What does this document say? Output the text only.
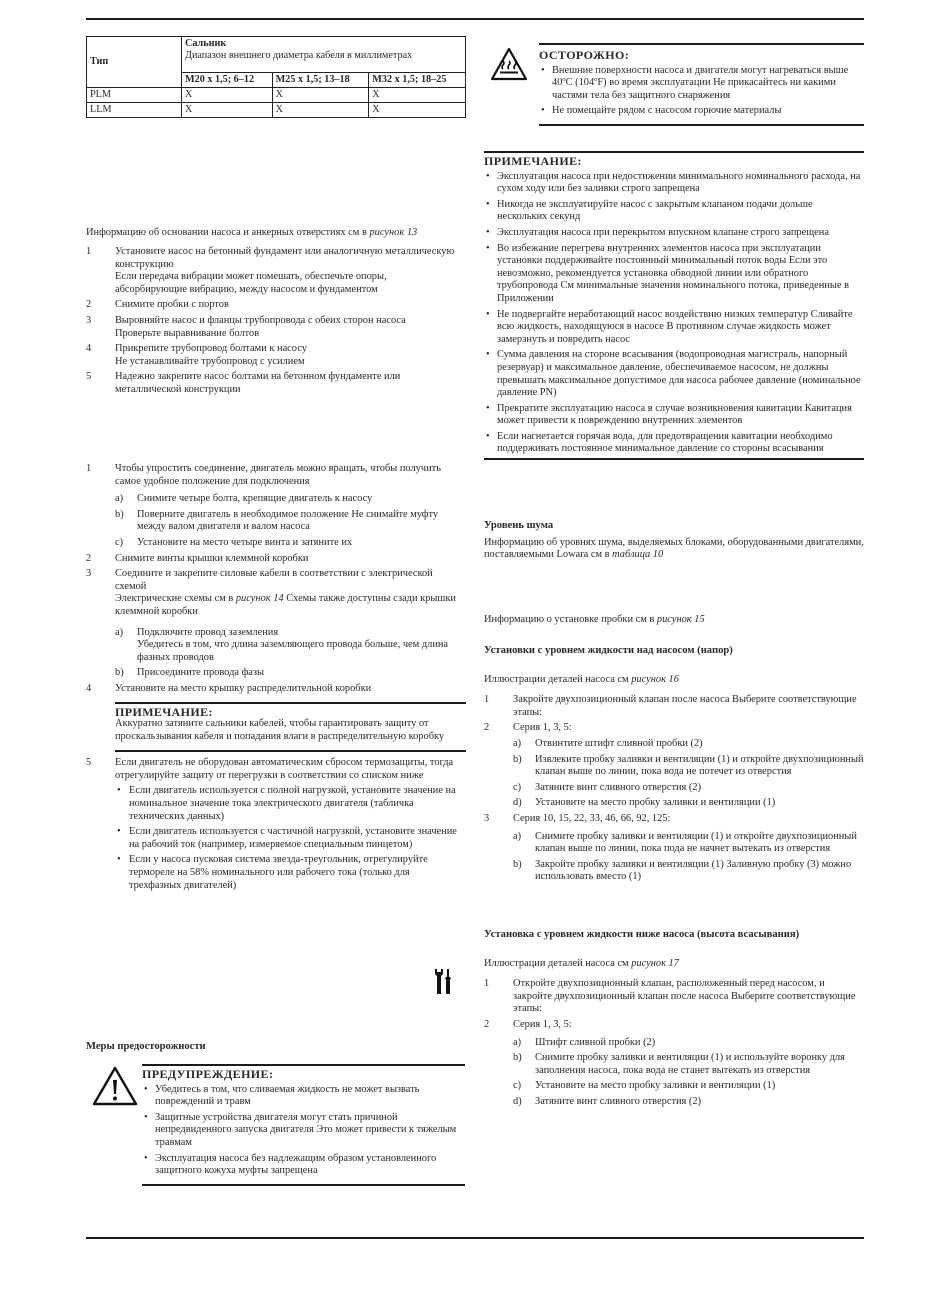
Тип	Сальник
Диапазон внешнего диаметра кабеля в миллиметрах		
	M20 x 1,5; 6–12	M25 x 1,5; 13–18	M32 x 1,5; 18–25
PLM	X	X	X
LLM	X	X	X

Информацию об основании насоса и анкерных отверстиях см в рисунок 13

1 Установите насос на бетонный фундамент или аналогичную металлическую конструкцию
Если передача вибрации может помешать, обеспечьте опоры, абсорбирующие вибрацию, между насосом и фундаментом
2 Снимите пробки с портов
3 Выровняйте насос и фланцы трубопровода с обеих сторон насоса
Проверьте выравнивание болтов
4 Прикрепите трубопровод болтами к насосу
Не устанавливайте трубопровод с усилием
5 Надежно закрепите насос болтами на бетонном фундаменте или металлической конструкции
1 Чтобы упростить соединение, двигатель можно вращать, чтобы получить самое удобное положение для подключения
a) Снимите четыре болта, крепящие двигатель к насосу
b) Поверните двигатель в необходимое положение Не снимайте муфту между валом двигателя и валом насоса
c) Установите на место четыре винта и затяните их
2 Снимите винты крышки клеммной коробки
3 Соедините и закрепите силовые кабели в соответствии с электрической схемой
Электрические схемы см в рисунок 14 Схемы также доступны сзади крышки клеммной коробки
a) Подключите провод заземления
Убедитесь в том, что длина заземляющего провода больше, чем длина фазных проводов
b) Присоедините провода фазы
4 Установите на место крышку распределительной коробки
ПРИМЕЧАНИЕ:
Аккуратно затяните сальники кабелей, чтобы гарантировать защиту от проскальзывания кабеля и попадания влаги в распределительную коробку
5 Если двигатель не оборудован автоматическим сбросом термозащиты, тогда отрегулируйте защиту от перегрузки в соответствии со списком ниже
• Если двигатель используется с полной нагрузкой, установите значение на номинальное значение тока электрического двигателя (табличка технических данных)
• Если двигатель используется с частичной нагрузкой, установите значение на рабочий ток (например, измеряемое специальным пинцетом)
• Если у насоса пусковая система звезда-треугольник, отрегулируйте термореле на 58% номинального или рабочего тока (только для трехфазных двигателей)
Меры предосторожности
ПРЕДУПРЕЖДЕНИЕ:
• Убедитесь в том, что сливаемая жидкость не может вызвать повреждений и травм
• Защитные устройства двигателя могут стать причиной непредвиденного запуска двигателя Это может привести к тяжелым травмам
• Эксплуатация насоса без надлежащим образом установленного защитного кожуха муфты запрещена
ОСТОРОЖНО:
• Внешние поверхности насоса и двигателя могут нагреваться выше 40ºC (104ºF) во время эксплуатации Не прикасайтесь ни какими частями тела без защитного снаряжения
• Не помещайте рядом с насосом горючие материалы
ПРИМЕЧАНИЕ:
• Эксплуатация насоса при недостижении минимального номинального расхода, на сухом ходу или без заливки строго запрещена
• Никогда не эксплуатируйте насос с закрытым клапаном подачи дольше нескольких секунд
• Эксплуатация насоса при перекрытом впускном клапане строго запрещена
• Во избежание перегрева внутренних элементов насоса при эксплуатации установки поддерживайте постоянный минимальный поток воды Если это невозможно, рекомендуется установка обводной линии или обратного трубопровода См минимальные значения номинального потока, приведенные в Приложении
• Не подвергайте неработающий насос воздействию низких температур Сливайте всю жидкость, находящуюся в насосе В противном случае жидкость может замерзнуть и повредить насос
• Сумма давления на стороне всасывания (водопроводная магистраль, напорный резервуар) и максимальное давление, обеспечиваемое насосом, не должны превышать максимальное допустимое для насоса рабочее давление (номинальное давление PN)
• Прекратите эксплуатацию насоса в случае возникновения кавитации Кавитация может привести к повреждению внутренних элементов
• Если нагнетается горячая вода, для предотвращения кавитации необходимо поддерживать постоянное минимальное давление со стороны всасывания
Уровень шума
Информацию об уровнях шума, выделяемых блоками, оборудованными двигателями, поставляемыми Lowara см в таблица 10
Информацию о установке пробки см в рисунок 15
Установки с уровнем жидкости над насосом (напор)
Иллюстрации деталей насоса см рисунок 16
1 Закройте двухпозиционный клапан после насоса Выберите соответствующие этапы:
2 Серия 1, 3, 5:
a) Отвинтите штифт сливной пробки (2)
b) Извлеките пробку заливки и вентиляции (1) и откройте двухпозиционный клапан выше по линии, пока вода не потечет из отверстия
c) Затяните винт сливного отверстия (2)
d) Установите на место пробку заливки и вентиляции (1)
3 Серия 10, 15, 22, 33, 46, 66, 92, 125:
a) Снимите пробку заливки и вентиляции (1) и откройте двухпозиционный клапан выше по линии, пока пода не начнет вытекать из отверстия
b) Закройте пробку заливки и вентиляции (1) Заливную пробку (3) можно использовать вместо (1)
Установка с уровнем жидкости ниже насоса (высота всасывания)
Иллюстрации деталей насоса см рисунок 17
1 Откройте двухпозиционный клапан, расположенный перед насосом, и закройте двухпозиционный клапан после насоса Выберите соответствующие этапы:
2 Серия 1, 3, 5:
a) Штифт сливной пробки (2)
b) Снимите пробку заливки и вентиляции (1) и используйте воронку для заполнения насоса, пока вода не станет вытекать из отверстия
c) Установите на место пробку заливки и вентиляции (1)
d) Затяните винт сливного отверстия (2)
